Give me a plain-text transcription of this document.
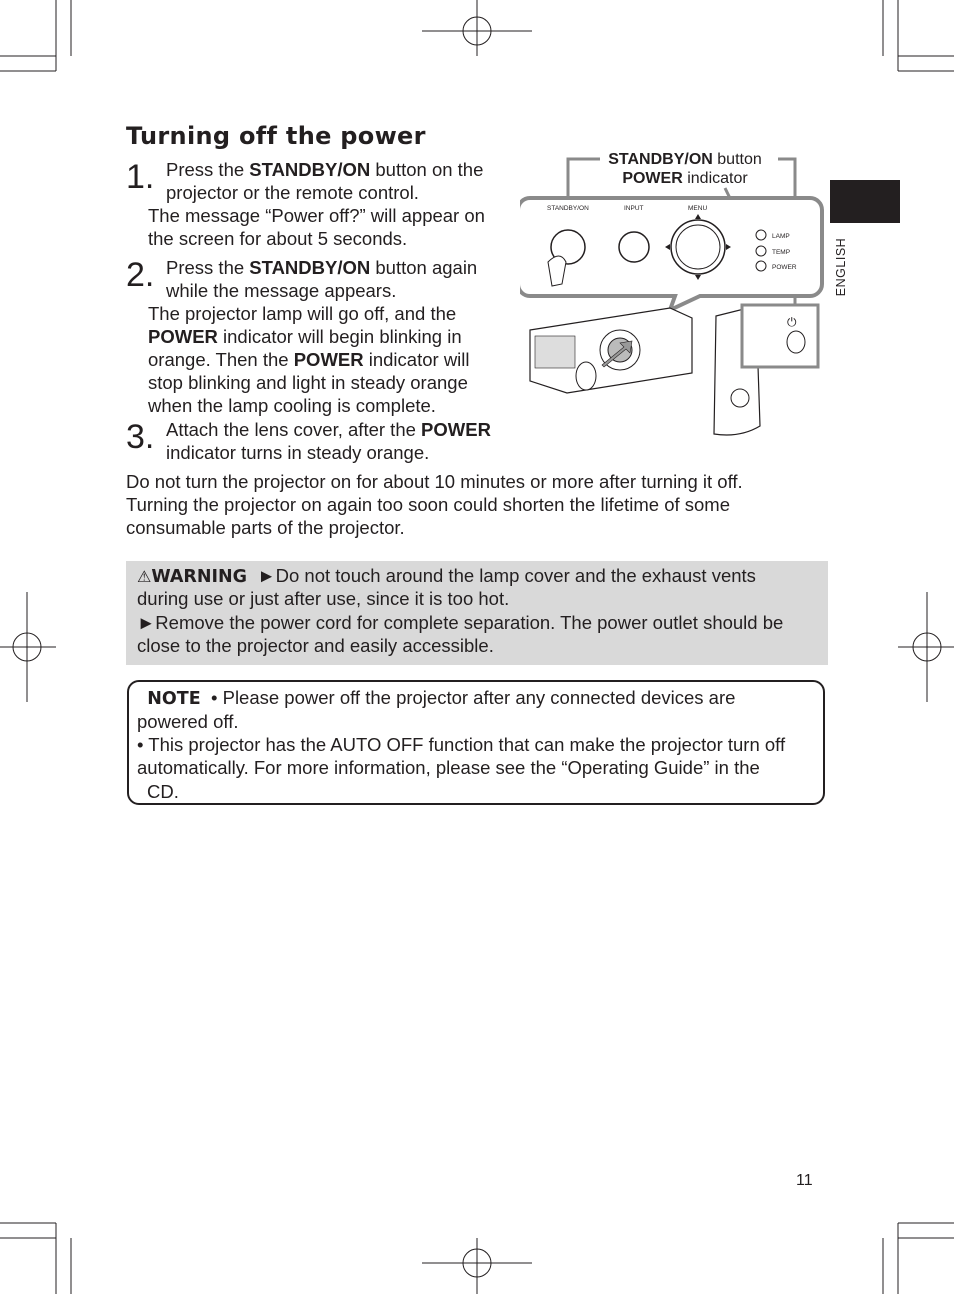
ENGLISH
Turning off the power
1. Press the STANDBY/ON button on the
projector or the remote control.
The message “Power off?” will appear on
the screen for about 5 seconds.
2. Press the STANDBY/ON button again
while the message appears.
The projector lamp will go off, and the
POWER indicator will begin blinking in
orange. Then the POWER indicator will
stop blinking and light in steady orange
when the lamp cooling is complete.
3. Attach the lens cover, after the POWER
indicator turns in steady orange.
Do not turn the projector on for about 10 minutes or more after turning it off.
Turning the projector on again too soon could shorten the lifetime of some
consumable parts of the projector.
STANDBY/ON button
POWER indicator
STANDBY/ON	INPUT	MENU
LAMP
TEMP
POWER
⏻
⚠WARNING ►Do not touch around the lamp cover and the exhaust vents
during use or just after use, since it is too hot.
►Remove the power cord for complete separation. The power outlet should be
close to the projector and easily accessible.
NOTE • Please power off the projector after any connected devices are
powered off.
• This projector has the AUTO OFF function that can make the projector turn off
automatically. For more information, please see the “Operating Guide” in the
CD.
11
